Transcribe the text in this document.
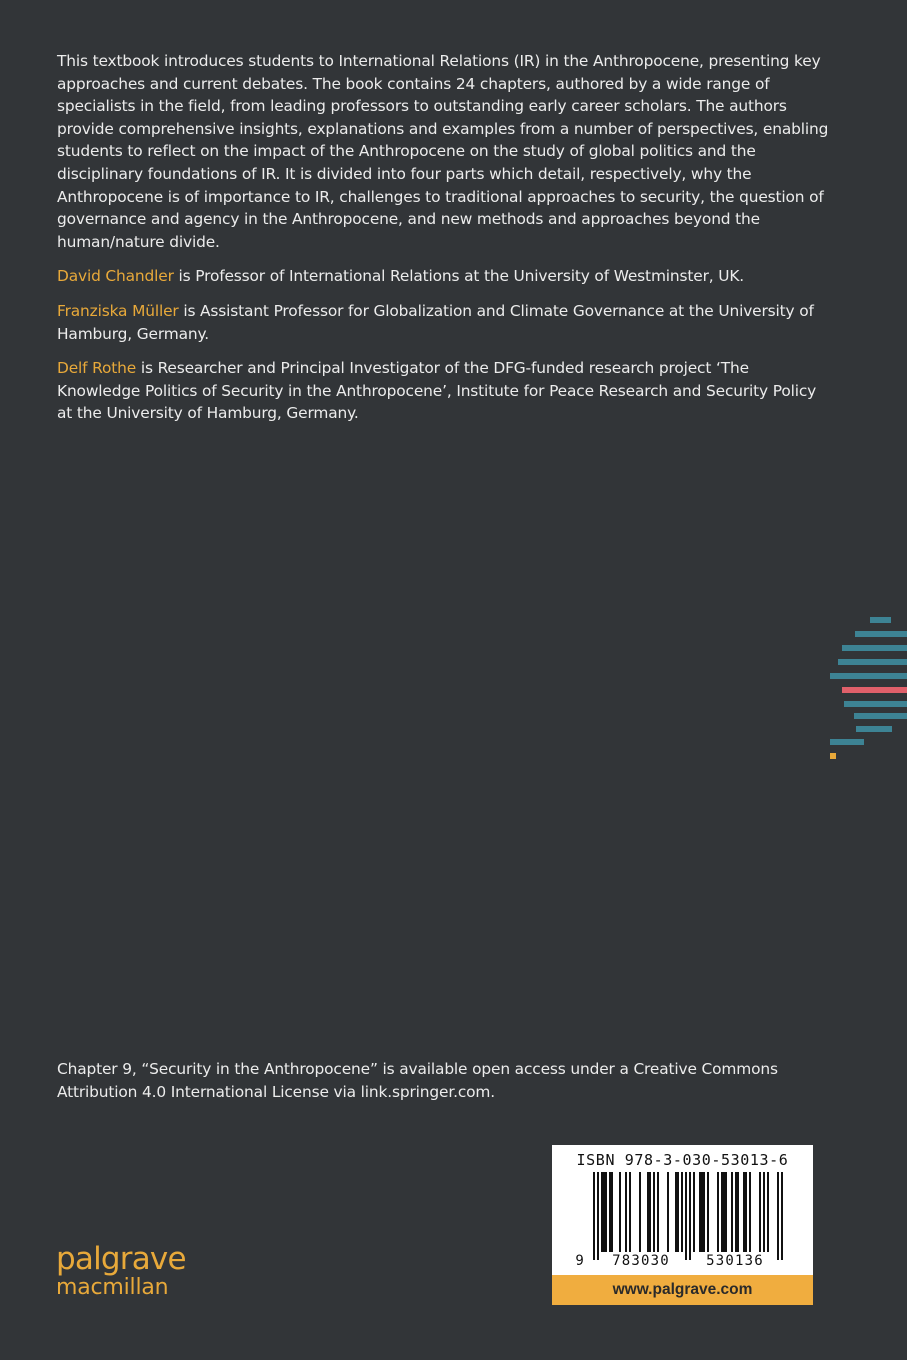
This textbook introduces students to International Relations (IR) in the Anthropocene, presenting key approaches and current debates. The book contains 24 chapters, authored by a wide range of specialists in the field, from leading professors to outstanding early career scholars. The authors provide comprehensive insights, explanations and examples from a number of perspectives, enabling students to reflect on the impact of the Anthropocene on the study of global politics and the disciplinary foundations of IR. It is divided into four parts which detail, respectively, why the Anthropocene is of importance to IR, challenges to traditional approaches to security, the question of governance and agency in the Anthropocene, and new methods and approaches beyond the human/nature divide.

David Chandler is Professor of International Relations at the University of Westminster, UK.

Franziska Müller is Assistant Professor for Globalization and Climate Governance at the University of Hamburg, Germany.

Delf Rothe is Researcher and Principal Investigator of the DFG-funded research project ‘The Knowledge Politics of Security in the Anthropocene’, Institute for Peace Research and Security Policy at the University of Hamburg, Germany.

Chapter 9, “Security in the Anthropocene” is available open access under a Creative Commons Attribution 4.0 International License via link.springer.com.

palgrave
macmillan
ISBN 978-3-030-53013-6
9 783030	530136
www.palgrave.com
